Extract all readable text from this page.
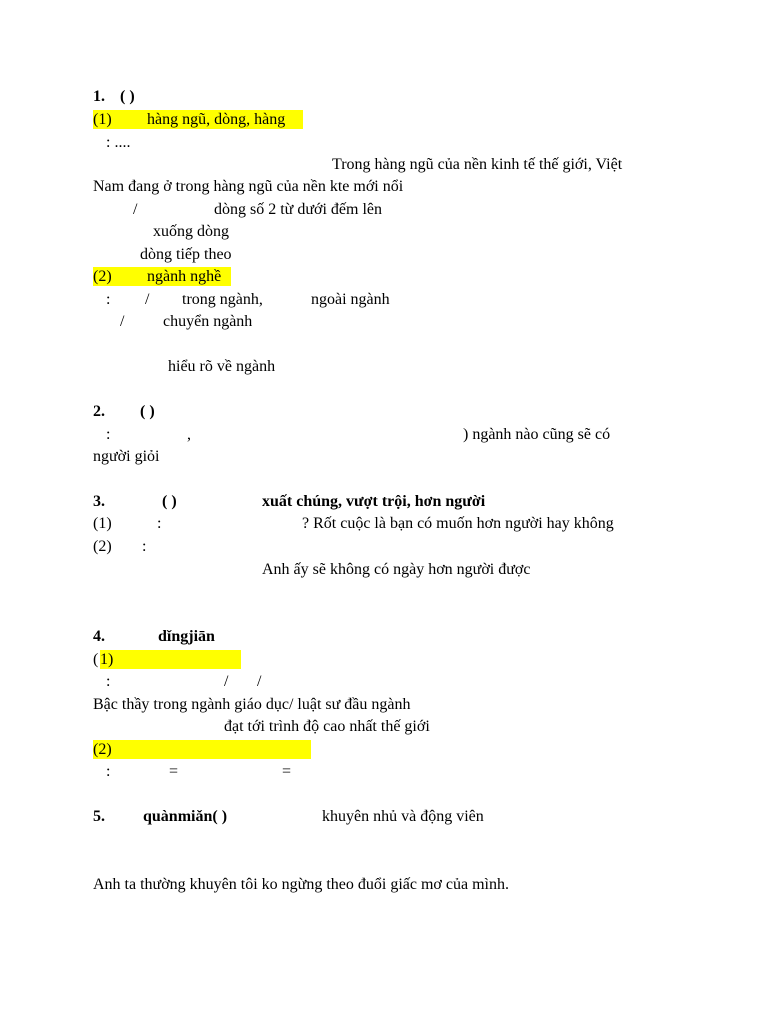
1. ( )
(1) hàng ngũ, dòng, hàng
: ....
Trong hàng ngũ của nền kinh tế thế giới, Việt
Nam đang ở trong hàng ngũ của nền kte mới nổi
/	dòng số 2 từ dưới đếm lên
xuống dòng
dòng tiếp theo
(2) ngành nghề
: / trong ngành,	ngoài ngành
/ chuyển ngành
hiểu rõ về ngành
2. ( )
:	,	) ngành nào cũng sẽ có
người giỏi
3.	( )	xuất chúng, vượt trội, hơn người
(1)	:	? Rốt cuộc là bạn có muốn hơn người hay không
(2) :
Anh ấy sẽ không có ngày hơn người được
4.	dǐngjiān
( 1)
:	/ /
Bậc thầy trong ngành giáo dục/ luật sư đầu ngành
đạt tới trình độ cao nhất thế giới
(2)
:	=	=
5. quànmiǎn( )	khuyên nhủ và động viên
Anh ta thường khuyên tôi ko ngừng theo đuổi giấc mơ của mình.
